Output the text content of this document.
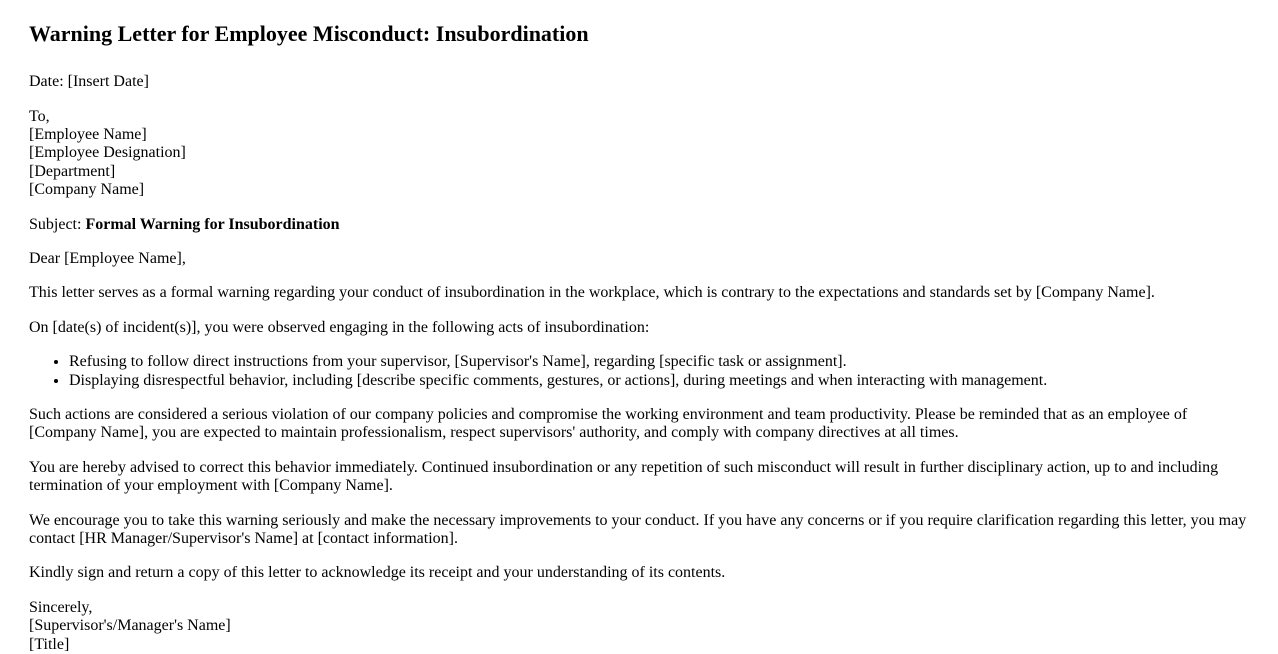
Warning Letter for Employee Misconduct: Insubordination

Date: [Insert Date]

To,
[Employee Name]
[Employee Designation]
[Department]
[Company Name]

Subject: Formal Warning for Insubordination

Dear [Employee Name],

This letter serves as a formal warning regarding your conduct of insubordination in the workplace, which is contrary to the expectations and standards set by [Company Name].

On [date(s) of incident(s)], you were observed engaging in the following acts of insubordination:

• Refusing to follow direct instructions from your supervisor, [Supervisor's Name], regarding [specific task or assignment].
• Displaying disrespectful behavior, including [describe specific comments, gestures, or actions], during meetings and when interacting with management.

Such actions are considered a serious violation of our company policies and compromise the working environment and team productivity. Please be reminded that as an employee of [Company Name], you are expected to maintain professionalism, respect supervisors' authority, and comply with company directives at all times.

You are hereby advised to correct this behavior immediately. Continued insubordination or any repetition of such misconduct will result in further disciplinary action, up to and including termination of your employment with [Company Name].

We encourage you to take this warning seriously and make the necessary improvements to your conduct. If you have any concerns or if you require clarification regarding this letter, you may contact [HR Manager/Supervisor's Name] at [contact information].

Kindly sign and return a copy of this letter to acknowledge its receipt and your understanding of its contents.

Sincerely,
[Supervisor's/Manager's Name]
[Title]
